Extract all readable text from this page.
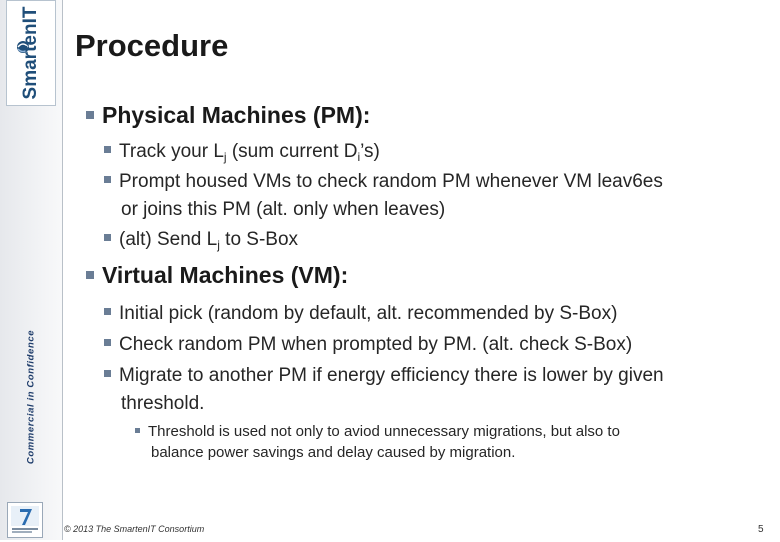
SmartenIT
Commercial in Confidence
Procedure
Physical Machines (PM):
Track your $L_j$ (sum current $D_i’s$)
Prompt housed VMs to check random PM whenever VM leav6es
or joins this PM (alt. only when leaves)
(alt) Send $L_j$ to S-Box
Virtual Machines (VM):
Initial pick (random by default, alt. recommended by S-Box)
Check random PM when prompted by PM. (alt. check S-Box)
Migrate to another PM if energy efficiency there is lower by given
threshold.
Threshold is used not only to aviod unnecessary migrations, but also to
balance power savings and delay caused by migration.
© 2013 The SmartenIT Consortium	5
